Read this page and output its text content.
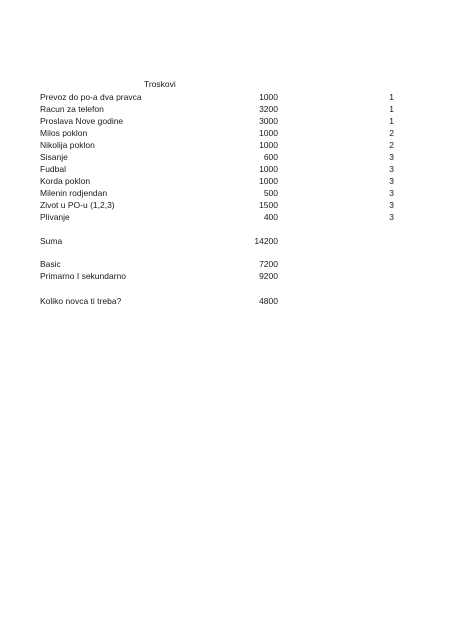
Troskovi
Prevoz do po-a dva pravca	1000	1
Racun za telefon	3200	1
Proslava Nove godine	3000	1
Milos poklon	1000	2
Nikolija poklon	1000	2
Sisanje	600	3
Fudbal	1000	3
Korda poklon	1000	3
Milenin rodjendan	500	3
Zivot u PO-u (1,2,3)	1500	3
Plivanje	400	3
Suma	14200
Basic	7200
Primarno I sekundarno	9200
Koliko novca ti treba?	4800
